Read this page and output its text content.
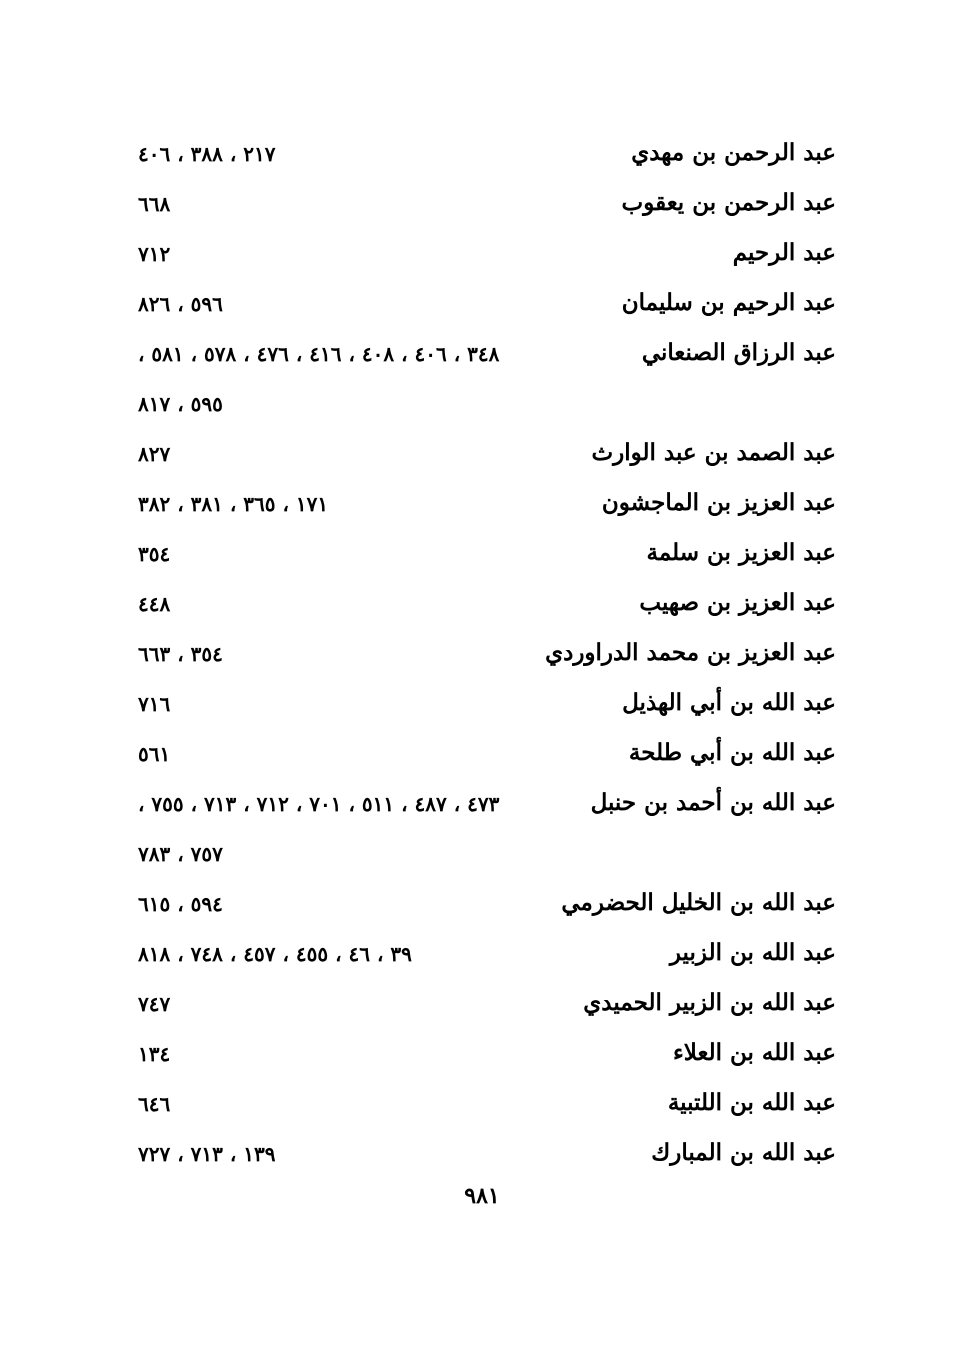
عبد الرحمن بن مهدي
٢١٧ ، ٣٨٨ ، ٤٠٦
عبد الرحمن بن يعقوب
٦٦٨
عبد الرحيم
٧١٢
عبد الرحيم بن سليمان
٥٩٦ ، ٨٢٦
عبد الرزاق الصنعاني
٣٤٨ ، ٤٠٦ ، ٤٠٨ ، ٤١٦ ، ٤٧٦ ، ٥٧٨ ، ٥٨١ ،
٥٩٥ ، ٨١٧
عبد الصمد بن عبد الوارث
٨٢٧
عبد العزيز بن الماجشون
١٧١ ، ٣٦٥ ، ٣٨١ ، ٣٨٢
عبد العزيز بن سلمة
٣٥٤
عبد العزيز بن صهيب
٤٤٨
عبد العزيز بن محمد الدراوردي
٣٥٤ ، ٦٦٣
عبد الله بن أبي الهذيل
٧١٦
عبد الله بن أبي طلحة
٥٦١
عبد الله بن أحمد بن حنبل
٤٧٣ ، ٤٨٧ ، ٥١١ ، ٧٠١ ، ٧١٢ ، ٧١٣ ، ٧٥٥ ،
٧٥٧ ، ٧٨٣
عبد الله بن الخليل الحضرمي
٥٩٤ ، ٦١٥
عبد الله بن الزبير
٣٩ ، ٤٦ ، ٤٥٥ ، ٤٥٧ ، ٧٤٨ ، ٨١٨
عبد الله بن الزبير الحميدي
٧٤٧
عبد الله بن العلاء
١٣٤
عبد الله بن اللتبية
٦٤٦
عبد الله بن المبارك
١٣٩ ، ٧١٣ ، ٧٢٧
٩٨١
